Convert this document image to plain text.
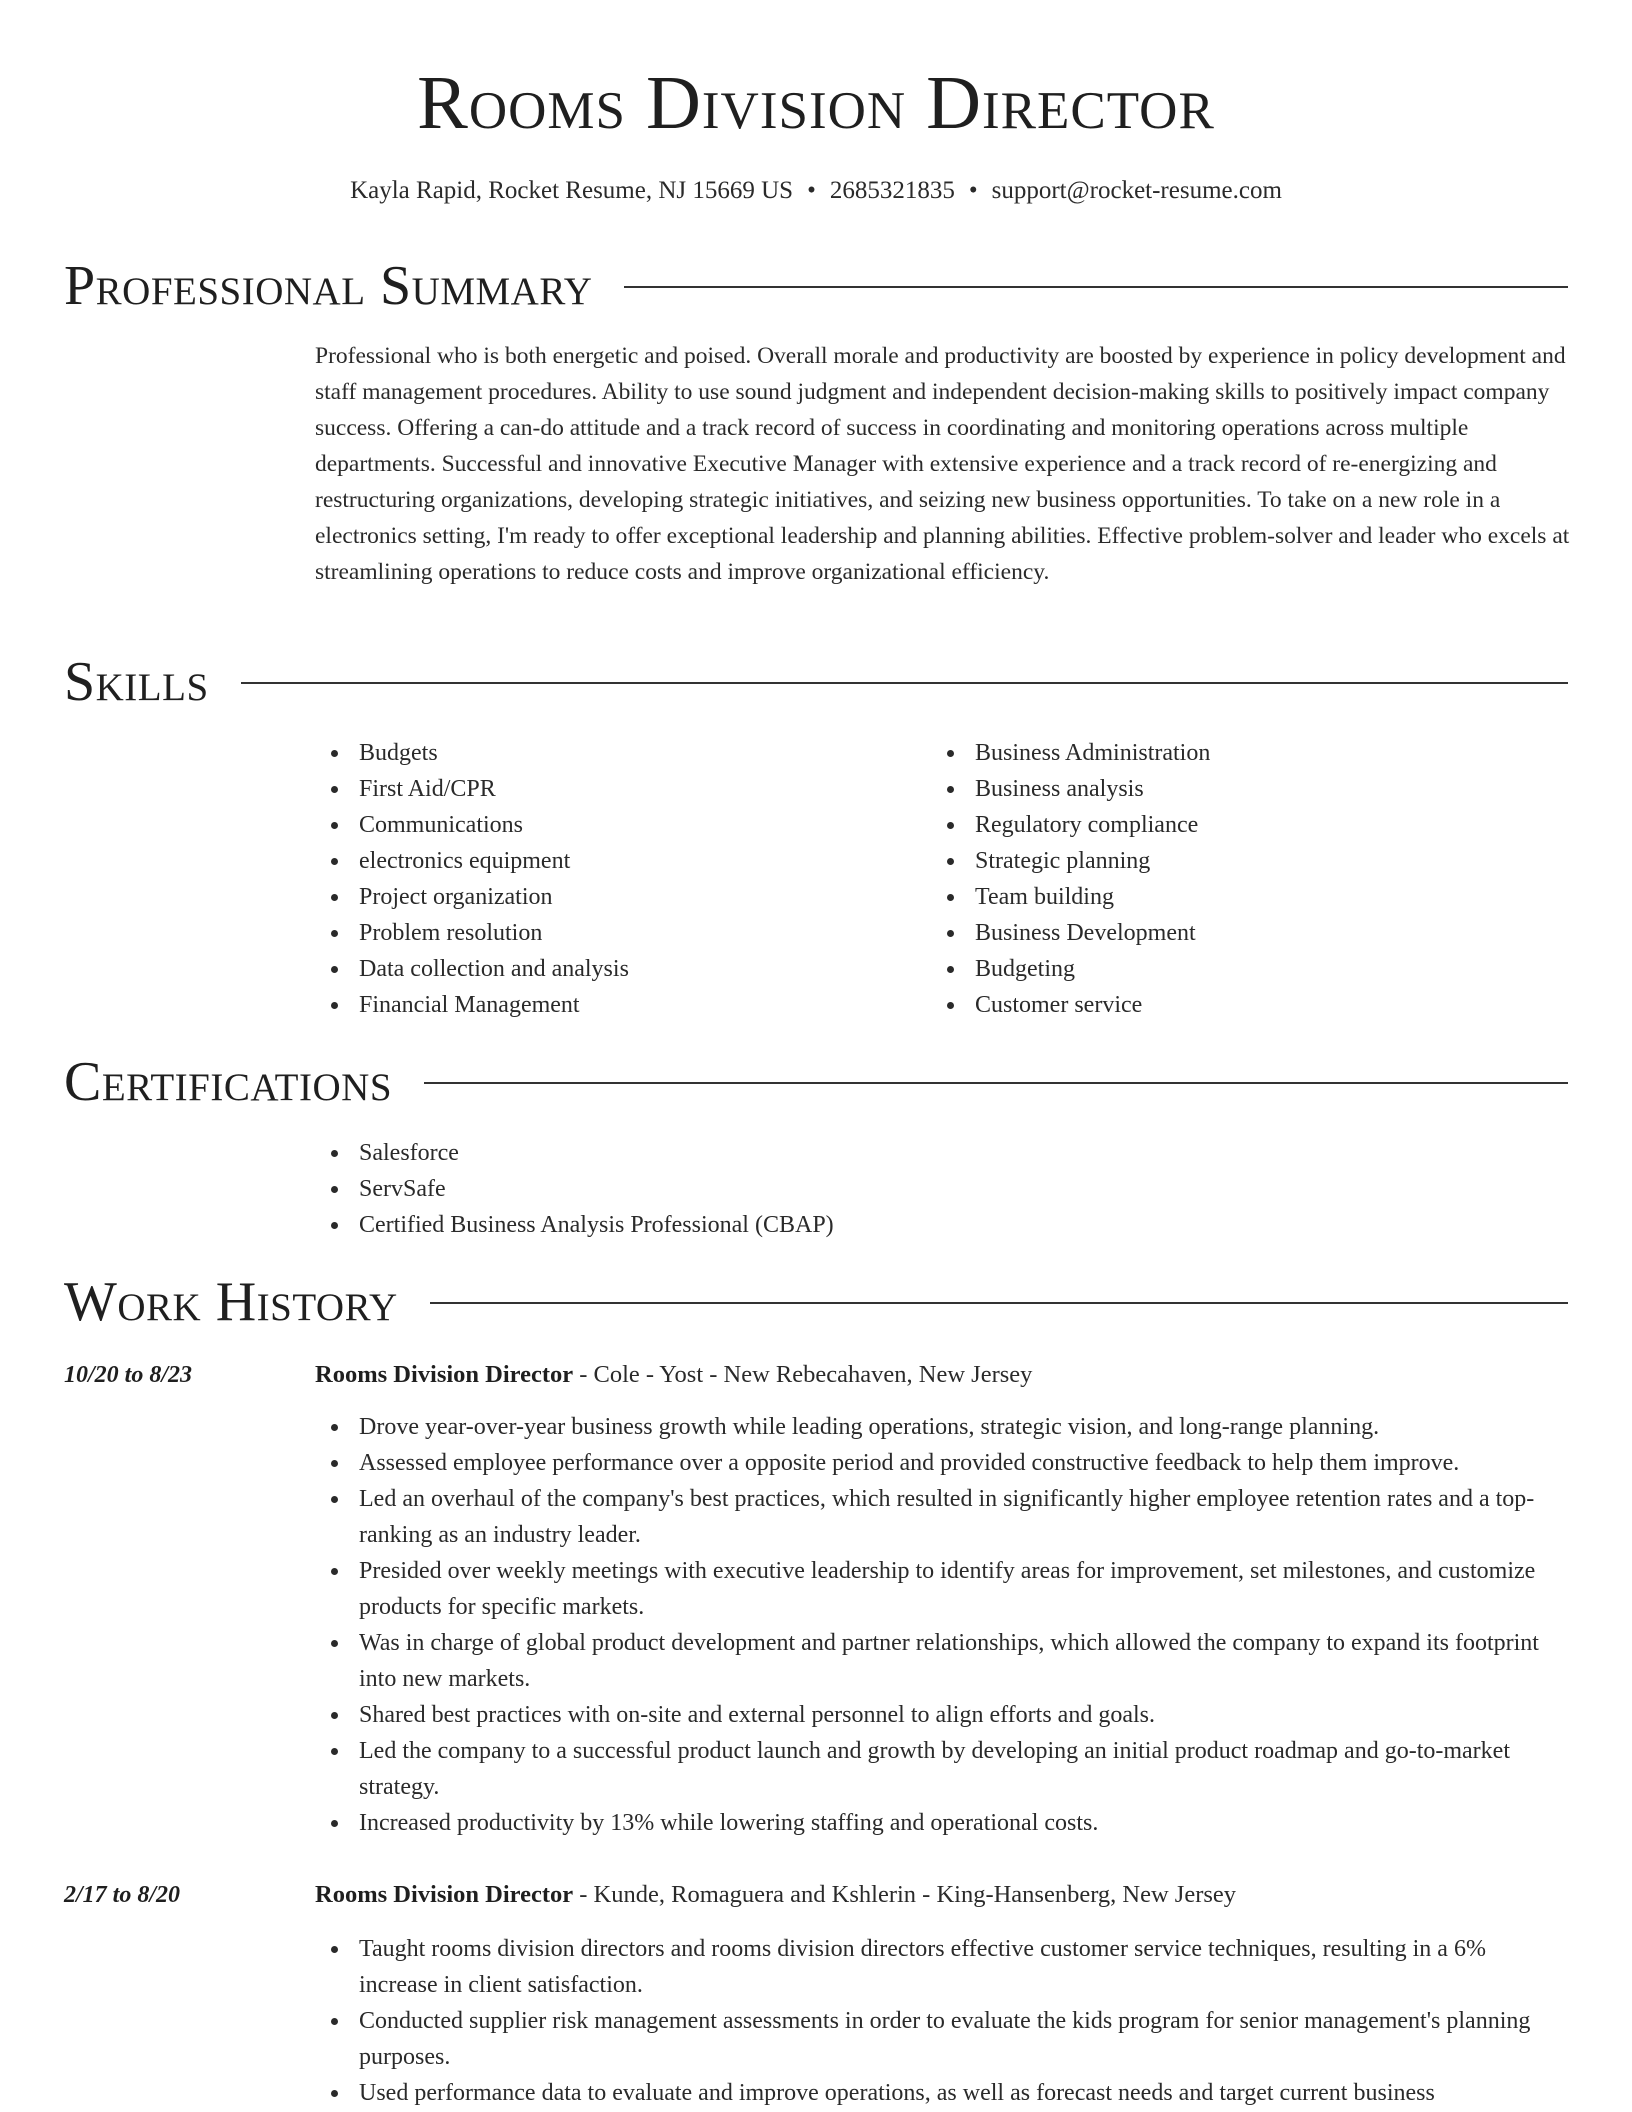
Rooms Division Director
Kayla Rapid, Rocket Resume, NJ 15669 US • 2685321835 • support@rocket-resume.com
Professional Summary

Professional who is both energetic and poised. Overall morale and productivity are boosted by experience in policy development and staff management procedures. Ability to use sound judgment and independent decision-making skills to positively impact company success. Offering a can-do attitude and a track record of success in coordinating and monitoring operations across multiple departments. Successful and innovative Executive Manager with extensive experience and a track record of re-energizing and restructuring organizations, developing strategic initiatives, and seizing new business opportunities. To take on a new role in a electronics setting, I'm ready to offer exceptional leadership and planning abilities. Effective problem-solver and leader who excels at streamlining operations to reduce costs and improve organizational efficiency.

Skills
Budgets
First Aid/CPR
Communications
electronics equipment
Project organization
Problem resolution
Data collection and analysis
Financial Management
Business Administration
Business analysis
Regulatory compliance
Strategic planning
Team building
Business Development
Budgeting
Customer service
Certifications
Salesforce
ServSafe
Certified Business Analysis Professional (CBAP)
Work History
10/20 to 8/23	Rooms Division Director - Cole - Yost - New Rebecahaven, New Jersey
Drove year-over-year business growth while leading operations, strategic vision, and long-range planning.
Assessed employee performance over a opposite period and provided constructive feedback to help them improve.
Led an overhaul of the company's best practices, which resulted in significantly higher employee retention rates and a top-ranking as an industry leader.
Presided over weekly meetings with executive leadership to identify areas for improvement, set milestones, and customize products for specific markets.
Was in charge of global product development and partner relationships, which allowed the company to expand its footprint into new markets.
Shared best practices with on-site and external personnel to align efforts and goals.
Led the company to a successful product launch and growth by developing an initial product roadmap and go-to-market strategy.
Increased productivity by 13% while lowering staffing and operational costs.
2/17 to 8/20	Rooms Division Director - Kunde, Romaguera and Kshlerin - King-Hansenberg, New Jersey
Taught rooms division directors and rooms division directors effective customer service techniques, resulting in a 6% increase in client satisfaction.
Conducted supplier risk management assessments in order to evaluate the kids program for senior management's planning purposes.
Used performance data to evaluate and improve operations, as well as forecast needs and target current business
